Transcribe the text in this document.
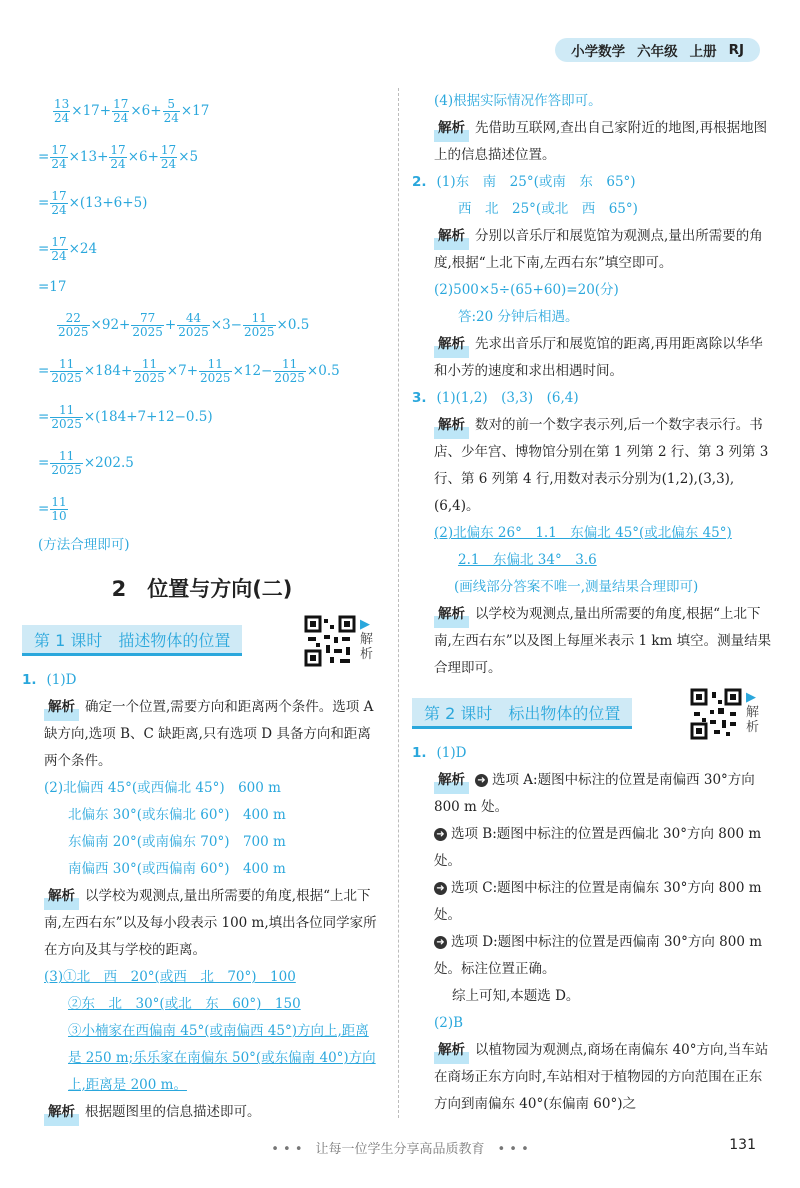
小学数学 六年级 上册 RJ
$\frac{13}{24} \times 17+ \frac{17}{24} \times 6+ \frac{5}{24} \times 17$
= $\frac{17}{24} \times 13+ \frac{17}{24} \times 6+ \frac{17}{24} \times 5$
= $\frac{17}{24} \times(13+6+5)$
= $\frac{17}{24} \times 24$
=17
$\frac{22}{2025} \times 92+ \frac{77}{2025} + \frac{44}{2025} \times 3- \frac{11}{2025} \times 0.5$
= $\frac{11}{2025} \times 184+ \frac{11}{2025} \times 7+ \frac{11}{2025} \times 12- \frac{11}{2025} \times 0.5$
= $\frac{11}{2025} \times(184+7+12-0.5)$
= $\frac{11}{2025} \times 202.5$
= $\frac{11}{10}$
(方法合理即可)
2　位置与方向(二)
第 1 课时　描述物体的位置
▶ 解析
1. (1)D
解析 确定一个位置,需要方向和距离两个条件。选项 A 缺方向,选项 B、C 缺距离,只有选项 D 具备方向和距离两个条件。
(2)北偏西 45°(或西偏北 45°)　600 m
北偏东 30°(或东偏北 60°)　400 m
东偏南 20°(或南偏东 70°)　700 m
南偏西 30°(或西偏南 60°)　400 m
解析 以学校为观测点,量出所需要的角度,根据“上北下南,左西右东”以及每小段表示 100 m,填出各位同学家所在方向及其与学校的距离。
(3)①北　西　20°(或西　北　70°)　100
②东　北　30°(或北　东　60°)　150
③小楠家在西偏南 45°(或南偏西 45°)方向上,距离是 250 m;乐乐家在南偏东 50°(或东偏南 40°)方向上,距离是 200 m。
解析 根据题图里的信息描述即可。
(4)根据实际情况作答即可。
解析 先借助互联网,查出自己家附近的地图,再根据地图上的信息描述位置。
2. (1)东　南　25°(或南　东　65°)
西　北　25°(或北　西　65°)
解析 分别以音乐厅和展览馆为观测点,量出所需要的角度,根据“上北下南,左西右东”填空即可。
(2)500×5÷(65+60)=20(分)
答:20 分钟后相遇。
解析 先求出音乐厅和展览馆的距离,再用距离除以华华和小芳的速度和求出相遇时间。
3. (1)(1,2)　(3,3)　(6,4)
解析 数对的前一个数字表示列,后一个数字表示行。书店、少年宫、博物馆分别在第 1 列第 2 行、第 3 列第 3 行、第 6 列第 4 行,用数对表示分别为(1,2),(3,3),(6,4)。
(2)北偏东 26°　1.1　东偏北 45°(或北偏东 45°)
2.1　东偏北 34°　3.6
(画线部分答案不唯一,测量结果合理即可)
解析 以学校为观测点,量出所需要的角度,根据“上北下南,左西右东”以及图上每厘米表示 1 km 填空。测量结果合理即可。
第 2 课时　标出物体的位置
▶ 解析
1. (1)D
解析 ➜ 选项 A:题图中标注的位置是南偏西 30°方向 800 m 处。
➜ 选项 B:题图中标注的位置是西偏北 30°方向 800 m 处。
➜ 选项 C:题图中标注的位置是南偏东 30°方向 800 m 处。
➜ 选项 D:题图中标注的位置是西偏南 30°方向 800 m 处。标注位置正确。
综上可知,本题选 D。
(2)B
解析 以植物园为观测点,商场在南偏东 40°方向,当车站在商场正东方向时,车站相对于植物园的方向范围在正东方向到南偏东 40°(东偏南 60°)之
• • •　让每一位学生分享高品质教育　• • •	131
